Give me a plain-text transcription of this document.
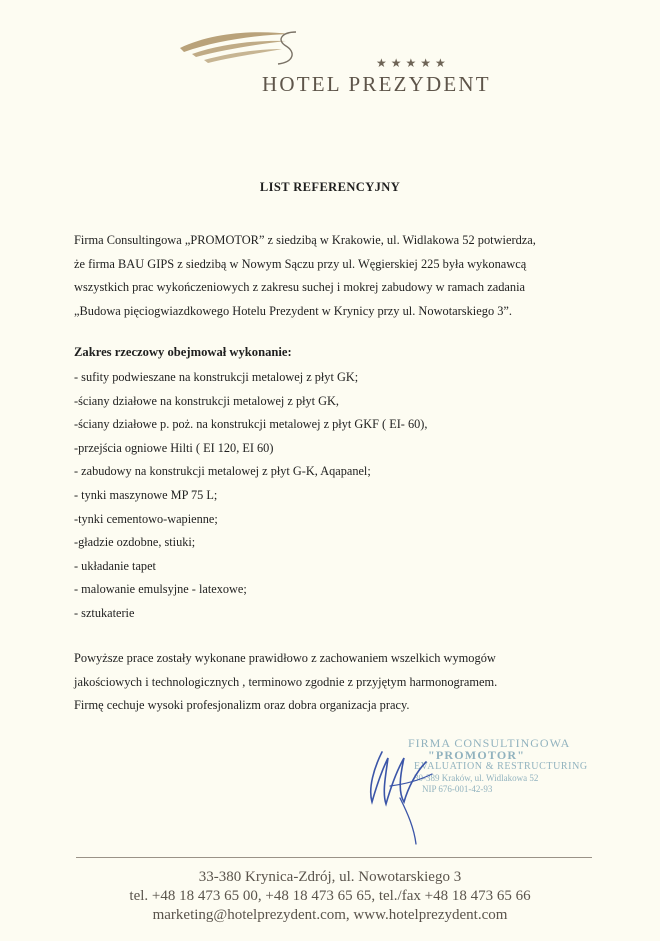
★★★★★
HOTEL PREZYDENT
LIST REFERENCYJNY

Firma Consultingowa „PROMOTOR” z siedzibą w Krakowie, ul. Widlakowa 52 potwierdza,

że firma BAU GIPS z siedzibą w Nowym Sączu przy ul. Węgierskiej 225 była wykonawcą

wszystkich prac wykończeniowych z zakresu suchej i mokrej zabudowy w ramach zadania

„Budowa pięciogwiazdkowego Hotelu Prezydent w Krynicy przy ul. Nowotarskiego 3”.

Zakres rzeczowy obejmował wykonanie:
- sufity podwieszane na konstrukcji metalowej z płyt GK;
-ściany działowe na konstrukcji metalowej z płyt GK,
-ściany działowe p. poż. na konstrukcji metalowej z płyt GKF ( EI- 60),
-przejścia ogniowe Hilti ( EI 120, EI 60)
- zabudowy na konstrukcji metalowej z płyt G-K, Aqapanel;
- tynki maszynowe MP 75 L;
-tynki cementowo-wapienne;
-gładzie ozdobne, stiuki;
- układanie tapet
- malowanie emulsyjne - latexowe;
- sztukaterie

Powyższe prace zostały wykonane prawidłowo z zachowaniem wszelkich wymogów

jakościowych i technologicznych , terminowo zgodnie z przyjętym harmonogramem.

Firmę cechuje wysoki profesjonalizm oraz dobra organizacja pracy.

FIRMA CONSULTINGOWA
"PROMOTOR"
EVALUATION & RESTRUCTURING
30-389 Kraków, ul. Widlakowa 52
NIP 676-001-42-93
33-380 Krynica-Zdrój, ul. Nowotarskiego 3
tel. +48 18 473 65 00, +48 18 473 65 65, tel./fax +48 18 473 65 66
marketing@hotelprezydent.com, www.hotelprezydent.com
